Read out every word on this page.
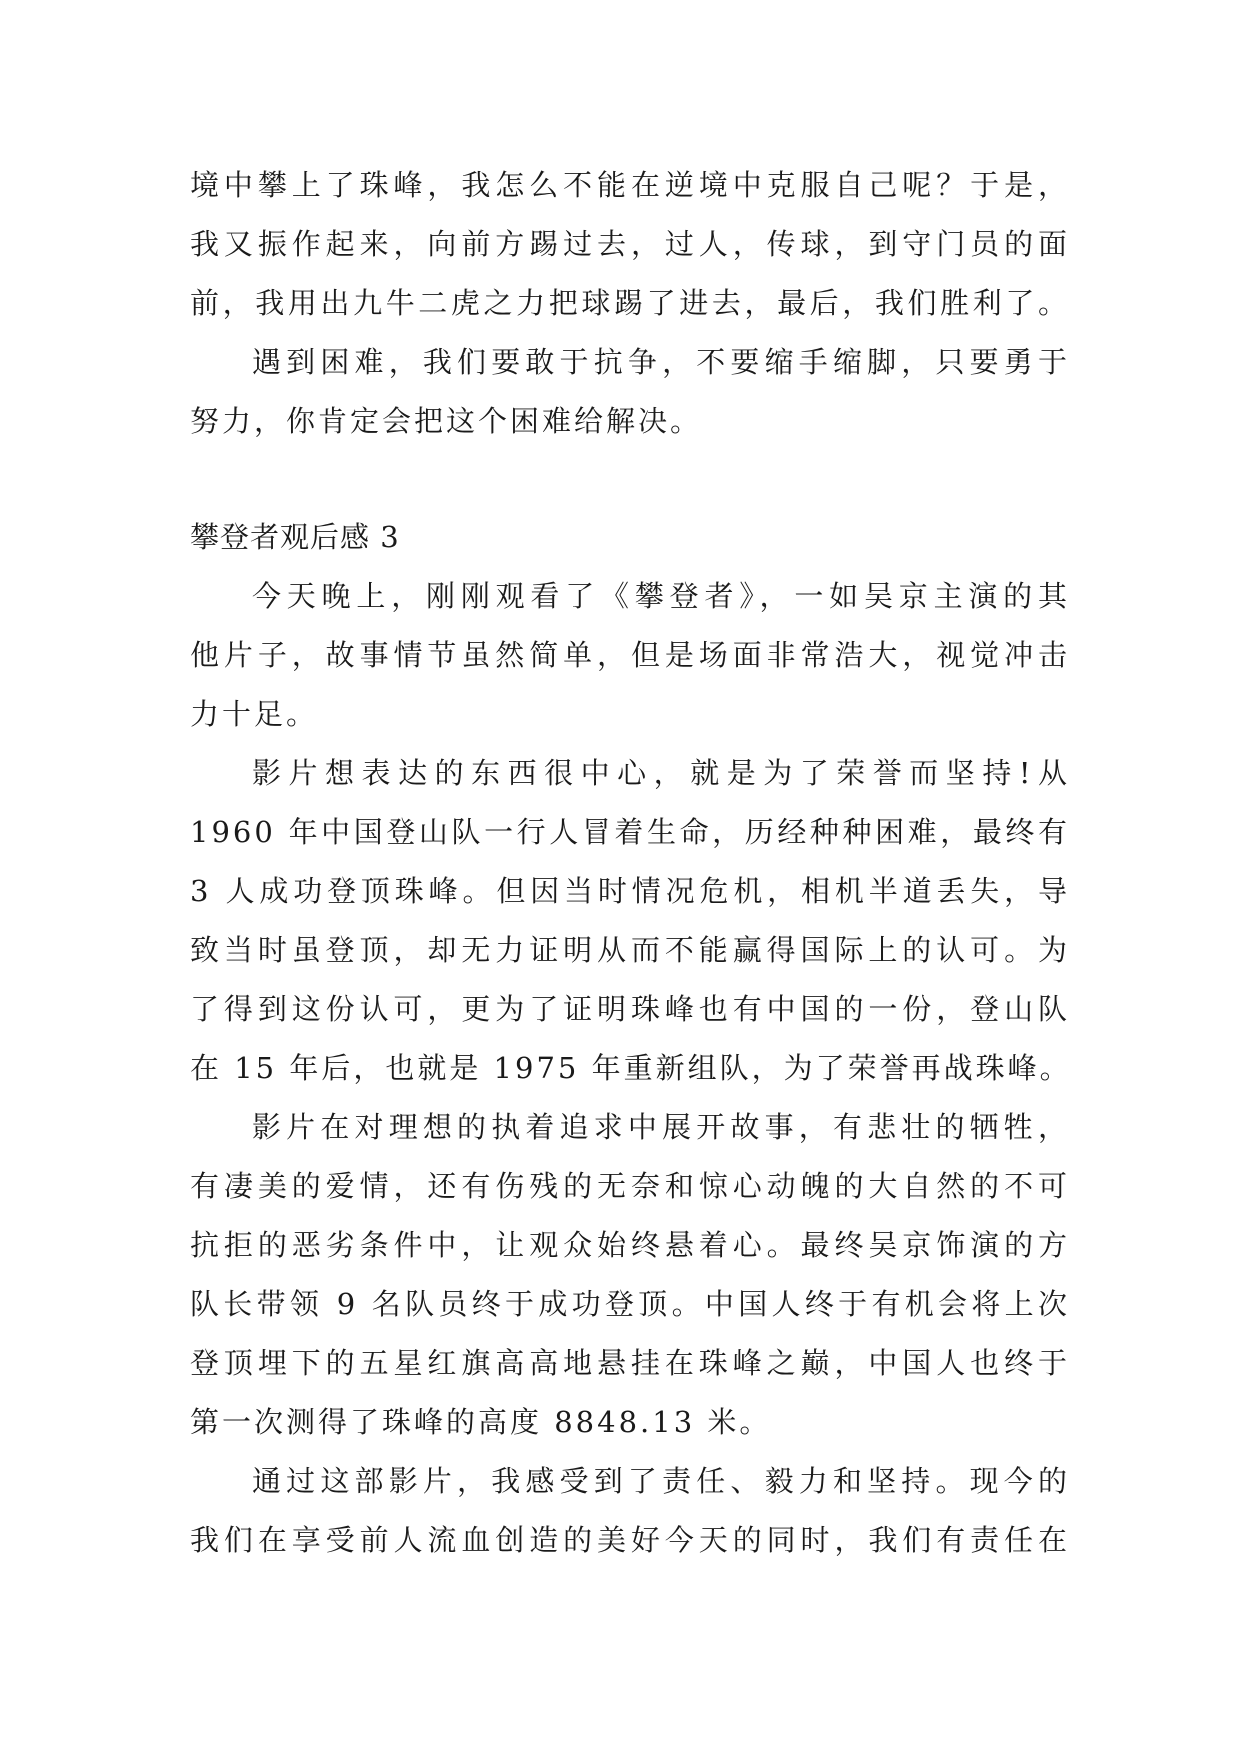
境中攀上了珠峰，我怎么不能在逆境中克服自己呢？于是，
我又振作起来，向前方踢过去，过人，传球，到守门员的面
前，我用出九牛二虎之力把球踢了进去，最后，我们胜利了。
遇到困难，我们要敢于抗争，不要缩手缩脚，只要勇于
努力，你肯定会把这个困难给解决。
攀登者观后感 3
今天晚上，刚刚观看了《攀登者》，一如吴京主演的其
他片子，故事情节虽然简单，但是场面非常浩大，视觉冲击
力十足。
影片想表达的东西很中心，就是为了荣誉而坚持!从
1960 年中国登山队一行人冒着生命，历经种种困难，最终有
3 人成功登顶珠峰。但因当时情况危机，相机半道丢失，导
致当时虽登顶，却无力证明从而不能赢得国际上的认可。为
了得到这份认可，更为了证明珠峰也有中国的一份，登山队
在 15 年后，也就是 1975 年重新组队，为了荣誉再战珠峰。
影片在对理想的执着追求中展开故事，有悲壮的牺牲，
有凄美的爱情，还有伤残的无奈和惊心动魄的大自然的不可
抗拒的恶劣条件中，让观众始终悬着心。最终吴京饰演的方
队长带领 9 名队员终于成功登顶。中国人终于有机会将上次
登顶埋下的五星红旗高高地悬挂在珠峰之巅，中国人也终于
第一次测得了珠峰的高度 8848.13 米。
通过这部影片，我感受到了责任、毅力和坚持。现今的
我们在享受前人流血创造的美好今天的同时，我们有责任在
